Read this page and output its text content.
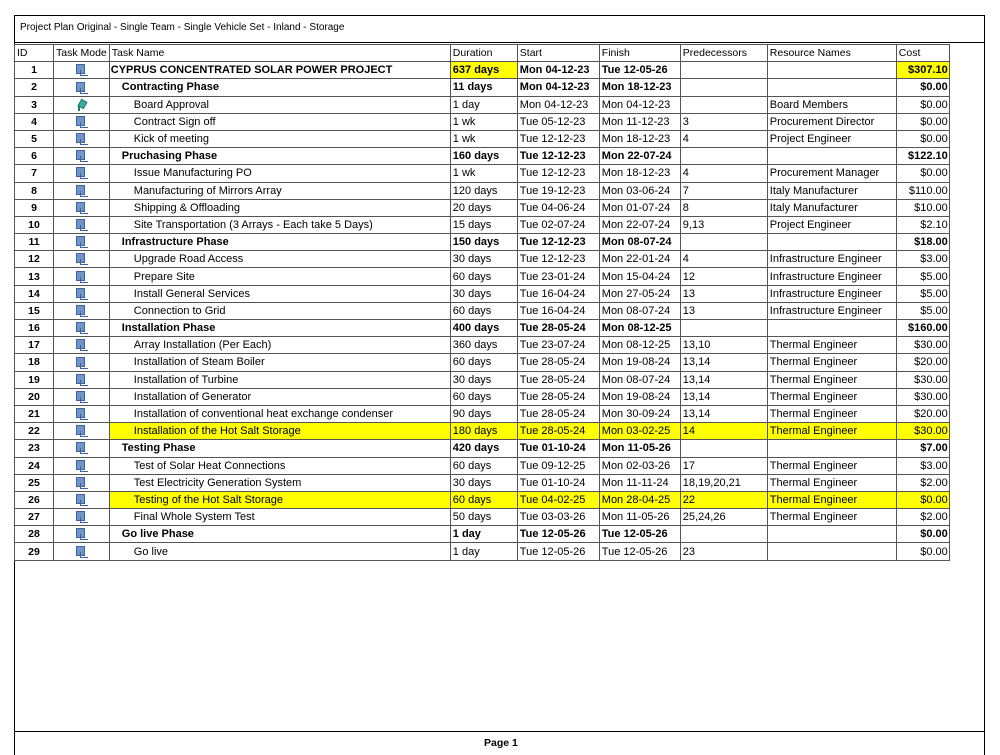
Project Plan Original - Single Team - Single Vehicle Set - Inland - Storage
ID	Task Mode	Task Name	Duration	Start	Finish	Predecessors	Resource Names	Cost
1		CYPRUS CONCENTRATED SOLAR POWER PROJECT	637 days	Mon 04-12-23	Tue 12-05-26			$307.10
2		Contracting Phase	11 days	Mon 04-12-23	Mon 18-12-23			$0.00
3		Board Approval	1 day	Mon 04-12-23	Mon 04-12-23		Board Members	$0.00
4		Contract Sign off	1 wk	Tue 05-12-23	Mon 11-12-23	3	Procurement Director	$0.00
5		Kick of meeting	1 wk	Tue 12-12-23	Mon 18-12-23	4	Project Engineer	$0.00
6		Pruchasing Phase	160 days	Tue 12-12-23	Mon 22-07-24			$122.10
7		Issue Manufacturing PO	1 wk	Tue 12-12-23	Mon 18-12-23	4	Procurement Manager	$0.00
8		Manufacturing of Mirrors Array	120 days	Tue 19-12-23	Mon 03-06-24	7	Italy Manufacturer	$110.00
9		Shipping & Offloading	20 days	Tue 04-06-24	Mon 01-07-24	8	Italy Manufacturer	$10.00
10		Site Transportation (3 Arrays - Each take 5 Days)	15 days	Tue 02-07-24	Mon 22-07-24	9,13	Project Engineer	$2.10
11		Infrastructure Phase	150 days	Tue 12-12-23	Mon 08-07-24			$18.00
12		Upgrade Road Access	30 days	Tue 12-12-23	Mon 22-01-24	4	Infrastructure Engineer	$3.00
13		Prepare Site	60 days	Tue 23-01-24	Mon 15-04-24	12	Infrastructure Engineer	$5.00
14		Install General Services	30 days	Tue 16-04-24	Mon 27-05-24	13	Infrastructure Engineer	$5.00
15		Connection to Grid	60 days	Tue 16-04-24	Mon 08-07-24	13	Infrastructure Engineer	$5.00
16		Installation Phase	400 days	Tue 28-05-24	Mon 08-12-25			$160.00
17		Array Installation (Per Each)	360 days	Tue 23-07-24	Mon 08-12-25	13,10	Thermal Engineer	$30.00
18		Installation of Steam Boiler	60 days	Tue 28-05-24	Mon 19-08-24	13,14	Thermal Engineer	$20.00
19		Installation of Turbine	30 days	Tue 28-05-24	Mon 08-07-24	13,14	Thermal Engineer	$30.00
20		Installation of Generator	60 days	Tue 28-05-24	Mon 19-08-24	13,14	Thermal Engineer	$30.00
21		Installation of conventional heat exchange condenser	90 days	Tue 28-05-24	Mon 30-09-24	13,14	Thermal Engineer	$20.00
22		Installation of the Hot Salt Storage	180 days	Tue 28-05-24	Mon 03-02-25	14	Thermal Engineer	$30.00
23		Testing Phase	420 days	Tue 01-10-24	Mon 11-05-26			$7.00
24		Test of Solar Heat Connections	60 days	Tue 09-12-25	Mon 02-03-26	17	Thermal Engineer	$3.00
25		Test Electricity Generation System	30 days	Tue 01-10-24	Mon 11-11-24	18,19,20,21	Thermal Engineer	$2.00
26		Testing of the Hot Salt Storage	60 days	Tue 04-02-25	Mon 28-04-25	22	Thermal Engineer	$0.00
27		Final Whole System Test	50 days	Tue 03-03-26	Mon 11-05-26	25,24,26	Thermal Engineer	$2.00
28		Go live Phase	1 day	Tue 12-05-26	Tue 12-05-26			$0.00
29		Go live	1 day	Tue 12-05-26	Tue 12-05-26	23		$0.00
Page 1
